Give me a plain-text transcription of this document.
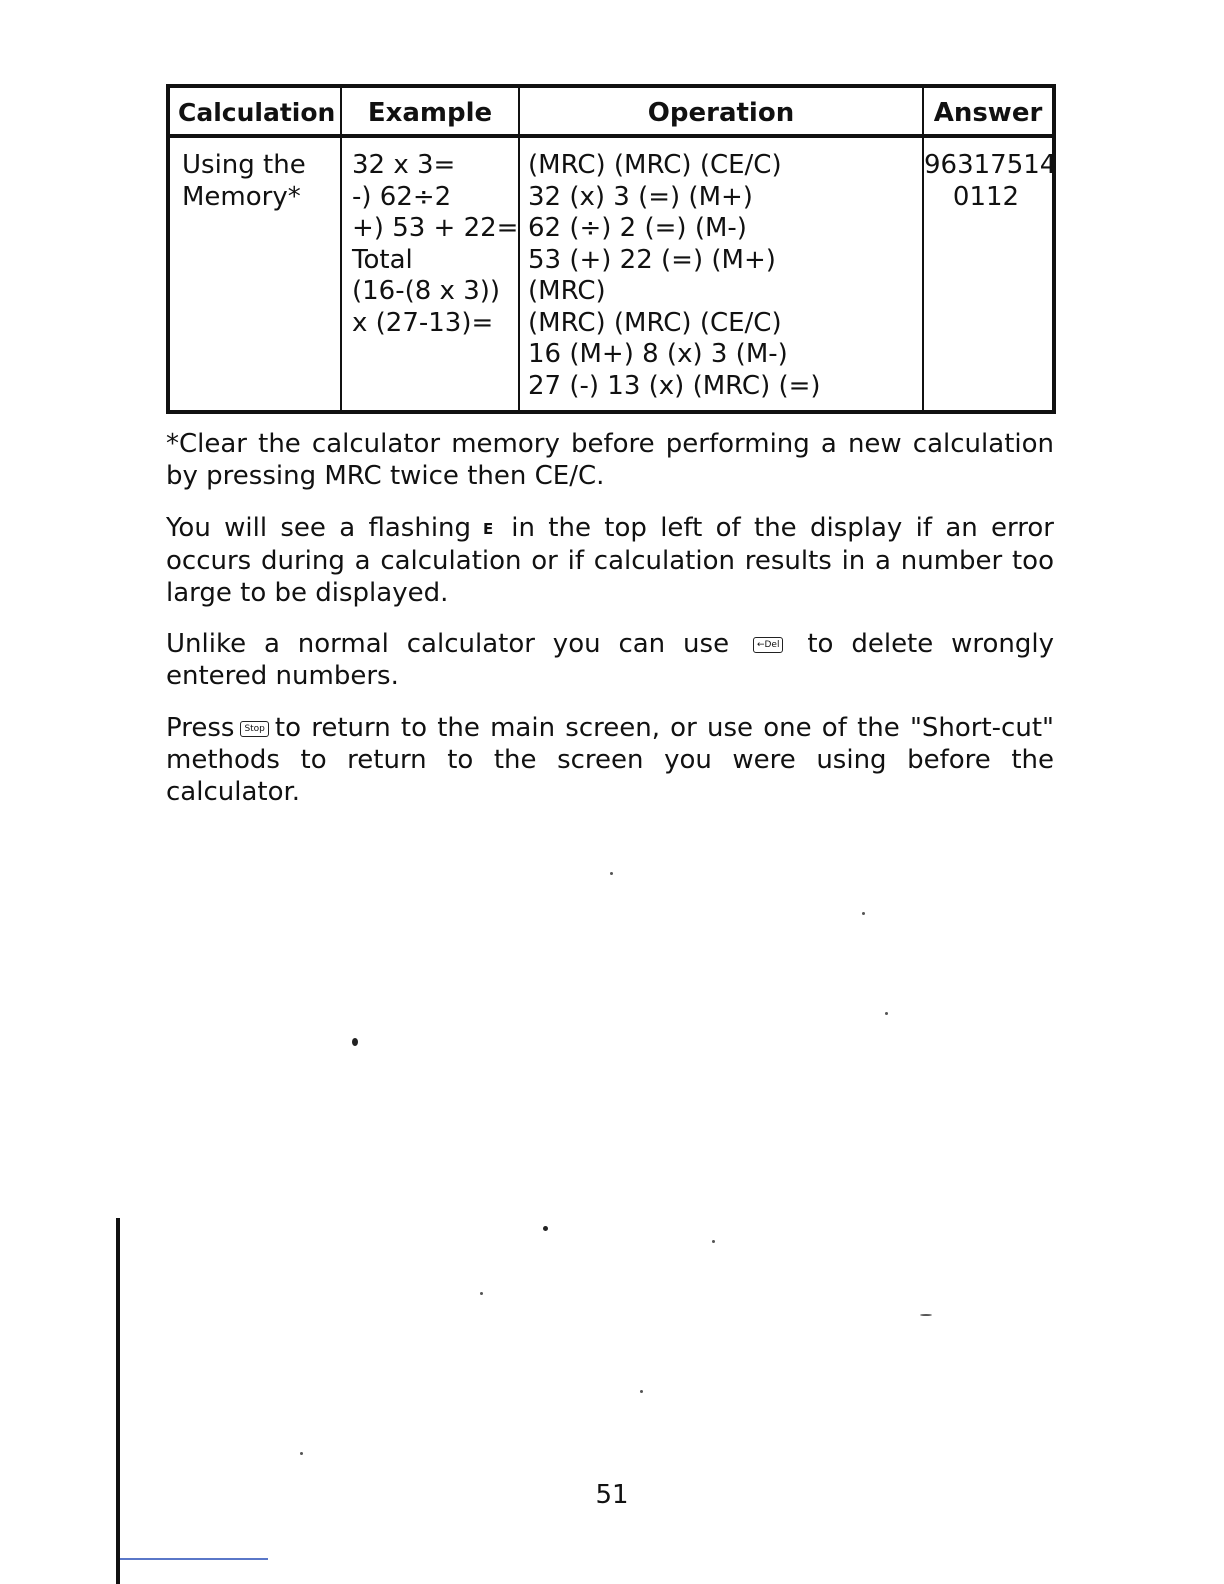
Calculation
Using the
Memory*
Example
32 x 3=
-) 62÷2
+) 53 + 22=
Total
(16-(8 x 3))
x (27-13)=
Operation
(MRC) (MRC) (CE/C)
32 (x) 3 (=) (M+)
62 (÷) 2 (=) (M-)
53 (+) 22 (=) (M+)
(MRC)
(MRC) (MRC) (CE/C)
16 (M+) 8 (x) 3 (M-)
27 (-) 13 (x) (MRC) (=)
Answer
96317514
0112
*Clear the calculator memory before performing a new calculation by pressing MRC twice then CE/C.
You will see a flashing E in the top left of the display if an error occurs during a calculation or if calculation results in a number too large to be displayed.
Unlike a normal calculator you can use	←Del to delete wrongly entered numbers.
Press Stop to return to the main screen, or use one of the "Short-cut" methods to return to the screen you were using before the calculator.
51
